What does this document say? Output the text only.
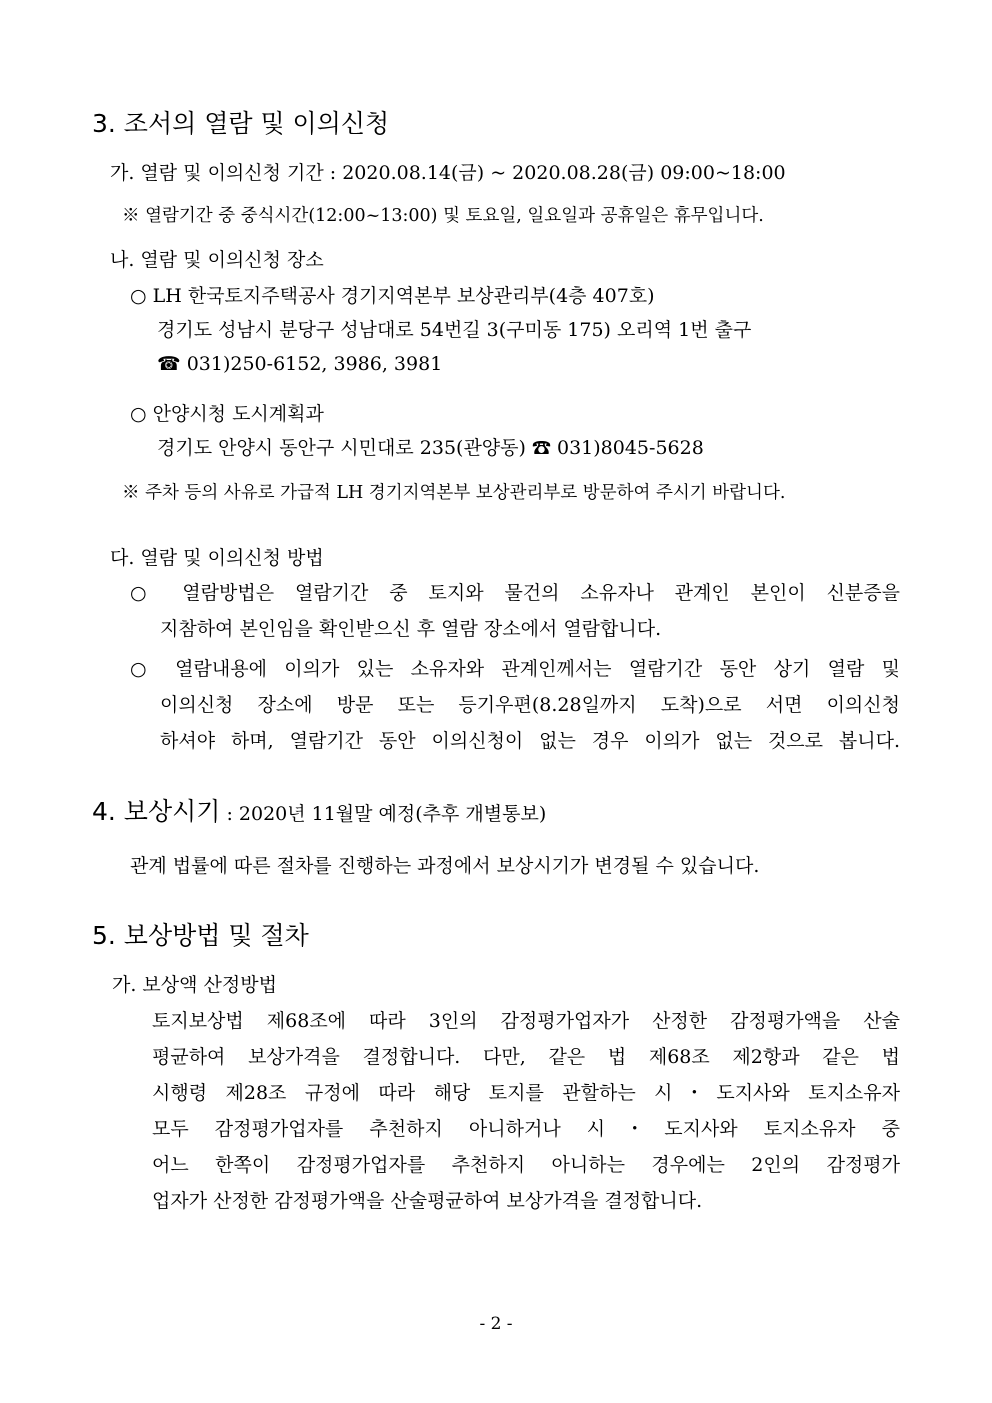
3. 조서의 열람 및 이의신청
가. 열람 및 이의신청 기간 : 2020.08.14(금) ~ 2020.08.28(금) 09:00~18:00
※ 열람기간 중 중식시간(12:00~13:00) 및 토요일, 일요일과 공휴일은 휴무입니다.
나. 열람 및 이의신청 장소
○ LH 한국토지주택공사 경기지역본부 보상관리부(4층 407호)
경기도 성남시 분당구 성남대로 54번길 3(구미동 175) 오리역 1번 출구
☎ 031)250-6152, 3986, 3981
○ 안양시청 도시계획과
경기도 안양시 동안구 시민대로 235(관양동) ☎ 031)8045-5628
※ 주차 등의 사유로 가급적 LH 경기지역본부 보상관리부로 방문하여 주시기 바랍니다.
다. 열람 및 이의신청 방법
○ 열람방법은 열람기간 중 토지와 물건의 소유자나 관계인 본인이 신분증을
지참하여 본인임을 확인받으신 후 열람 장소에서 열람합니다.
○ 열람내용에 이의가 있는 소유자와 관계인께서는 열람기간 동안 상기 열람 및
이의신청 장소에 방문 또는 등기우편(8.28일까지 도착)으로 서면 이의신청
하셔야 하며, 열람기간 동안 이의신청이 없는 경우 이의가 없는 것으로 봅니다.
4. 보상시기 : 2020년 11월말 예정(추후 개별통보)
관계 법률에 따른 절차를 진행하는 과정에서 보상시기가 변경될 수 있습니다.
5. 보상방법 및 절차
가. 보상액 산정방법
토지보상법 제68조에 따라 3인의 감정평가업자가 산정한 감정평가액을 산술
평균하여 보상가격을 결정합니다. 다만, 같은 법 제68조 제2항과 같은 법
시행령 제28조 규정에 따라 해당 토지를 관할하는 시・도지사와 토지소유자
모두 감정평가업자를 추천하지 아니하거나 시・도지사와 토지소유자 중
어느 한쪽이 감정평가업자를 추천하지 아니하는 경우에는 2인의 감정평가
업자가 산정한 감정평가액을 산술평균하여 보상가격을 결정합니다.
- 2 -
